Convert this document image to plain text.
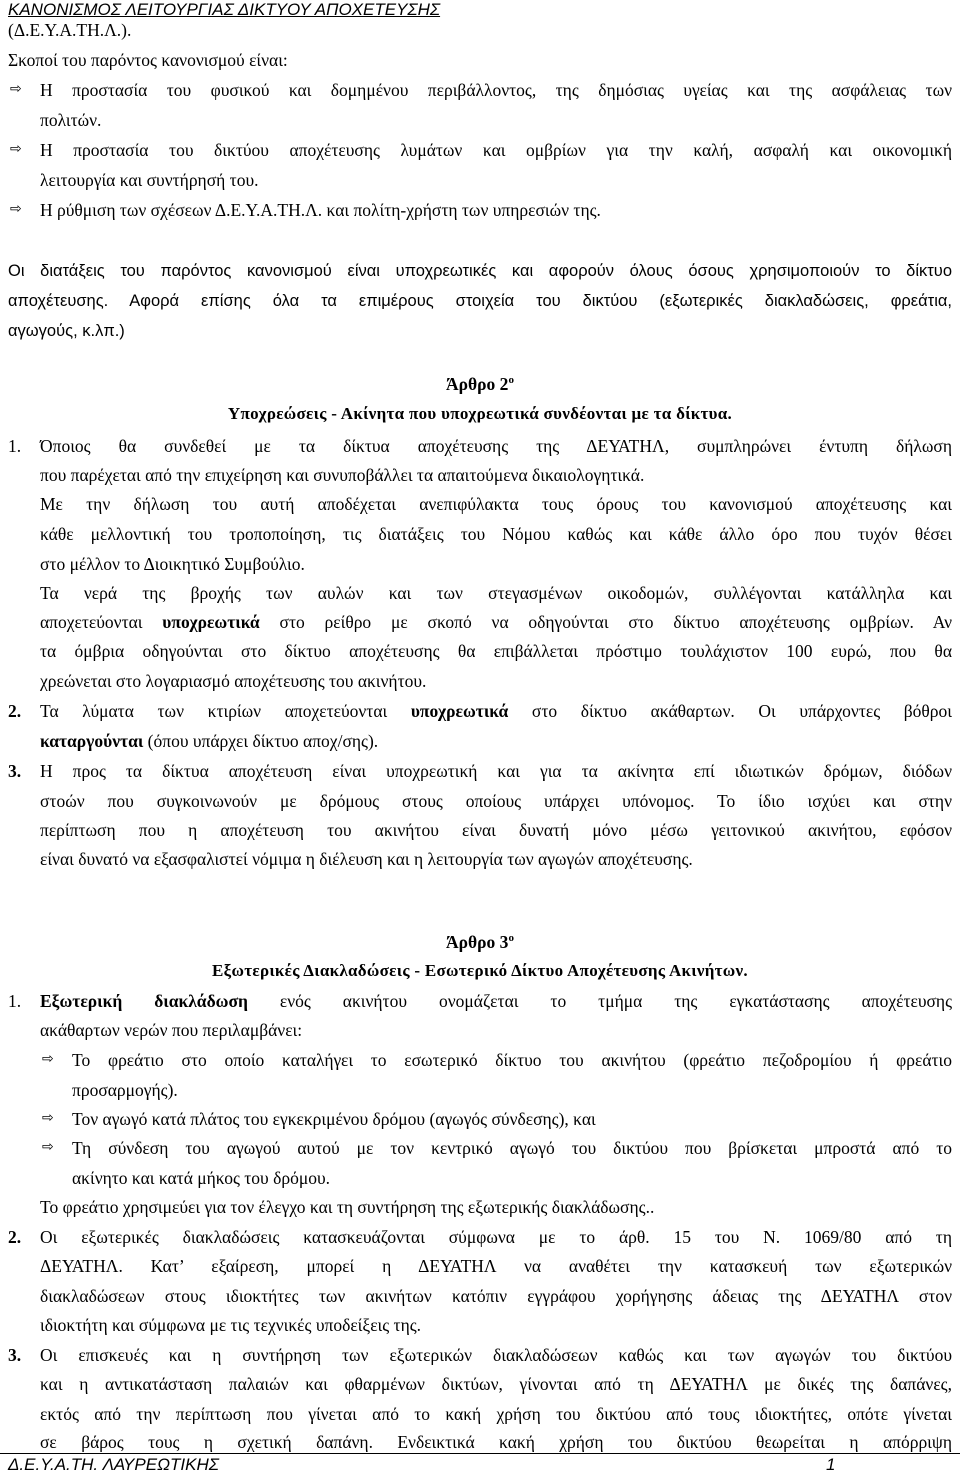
ΚΑΝΟΝΙΣΜΟΣ ΛΕΙΤΟΥΡΓΙΑΣ ΔΙΚΤΥΟΥ ΑΠΟΧΕΤΕΥΣΗΣ
(Δ.Ε.Υ.Α.ΤΗ.Λ.).
Σκοποί του παρόντος κανονισμού είναι:
⇨ Η προστασία του φυσικού και δομημένου περιβάλλοντος, της δημόσιας υγείας και της ασφάλειας των
πολιτών.
⇨ Η προστασία του δικτύου αποχέτευσης λυμάτων και ομβρίων για την καλή, ασφαλή και οικονομική
λειτουργία και συντήρησή του.
⇨ Η ρύθμιση των σχέσεων Δ.Ε.Υ.Α.ΤΗ.Λ. και πολίτη-χρήστη των υπηρεσιών της.
Οι διατάξεις του παρόντος κανονισμού είναι υποχρεωτικές και αφορούν όλους όσους χρησιμοποιούν το δίκτυο
αποχέτευσης. Αφορά επίσης όλα τα επιμέρους στοιχεία του δικτύου (εξωτερικές διακλαδώσεις, φρεάτια,
αγωγούς, κ.λπ.)
Άρθρο $2^o$
Υποχρεώσεις - Ακίνητα που υποχρεωτικά συνδέονται με τα δίκτυα.
1. Όποιος θα συνδεθεί με τα δίκτυα αποχέτευσης της ΔΕΥΑΤΗΛ, συμπληρώνει έντυπη δήλωση
που παρέχεται από την επιχείρηση και συνυποβάλλει τα απαιτούμενα δικαιολογητικά.
Με την δήλωση του αυτή αποδέχεται ανεπιφύλακτα τους όρους του κανονισμού αποχέτευσης και
κάθε μελλοντική του τροποποίηση, τις διατάξεις του Νόμου καθώς και κάθε άλλο όρο που τυχόν θέσει
στο μέλλον το Διοικητικό Συμβούλιο.
Τα νερά της βροχής των αυλών και των στεγασμένων οικοδομών, συλλέγονται κατάλληλα και
αποχετεύονται υποχρεωτικά στο ρείθρο με σκοπό να οδηγούνται στο δίκτυο αποχέτευσης ομβρίων. Αν
τα όμβρια οδηγούνται στο δίκτυο αποχέτευσης θα επιβάλλεται πρόστιμο τουλάχιστον 100 ευρώ, που θα
χρεώνεται στο λογαριασμό αποχέτευσης του ακινήτου.
2. Τα λύματα των κτιρίων αποχετεύονται υποχρεωτικά στο δίκτυο ακάθαρτων. Οι υπάρχοντες βόθροι
καταργούνται (όπου υπάρχει δίκτυο αποχ/σης).
3. Η προς τα δίκτυα αποχέτευση είναι υποχρεωτική και για τα ακίνητα επί ιδιωτικών δρόμων, διόδων
στοών που συγκοινωνούν με δρόμους στους οποίους υπάρχει υπόνομος. Το ίδιο ισχύει και στην
περίπτωση που η αποχέτευση του ακινήτου είναι δυνατή μόνο μέσω γειτονικού ακινήτου, εφόσον
είναι δυνατό να εξασφαλιστεί νόμιμα η διέλευση και η λειτουργία των αγωγών αποχέτευσης.
Άρθρο $3^o$
Εξωτερικές Διακλαδώσεις - Εσωτερικό Δίκτυο Αποχέτευσης Ακινήτων.
1. Εξωτερική διακλάδωση ενός ακινήτου ονομάζεται το τμήμα της εγκατάστασης αποχέτευσης
ακάθαρτων νερών που περιλαμβάνει:
⇨ Το φρεάτιο στο οποίο καταλήγει το εσωτερικό δίκτυο του ακινήτου (φρεάτιο πεζοδρομίου ή φρεάτιο
προσαρμογής).
⇨ Τον αγωγό κατά πλάτος του εγκεκριμένου δρόμου (αγωγός σύνδεσης), και
⇨ Τη σύνδεση του αγωγού αυτού με τον κεντρικό αγωγό του δικτύου που βρίσκεται μπροστά από το
ακίνητο και κατά μήκος του δρόμου.
Το φρεάτιο χρησιμεύει για τον έλεγχο και τη συντήρηση της εξωτερικής διακλάδωσης..
2. Οι εξωτερικές διακλαδώσεις κατασκευάζονται σύμφωνα με το άρθ. 15 του Ν. 1069/80 από τη
ΔΕΥΑΤΗΛ. Κατ’ εξαίρεση, μπορεί η ΔΕΥΑΤΗΛ να αναθέτει την κατασκευή των εξωτερικών
διακλαδώσεων στους ιδιοκτήτες των ακινήτων κατόπιν εγγράφου χορήγησης άδειας της ΔΕΥΑΤΗΛ στον
ιδιοκτήτη και σύμφωνα με τις τεχνικές υποδείξεις της.
3. Οι επισκευές και η συντήρηση των εξωτερικών διακλαδώσεων καθώς και των αγωγών του δικτύου
και η αντικατάσταση παλαιών και φθαρμένων δικτύων, γίνονται από τη ΔΕΥΑΤΗΛ με δικές της δαπάνες,
εκτός από την περίπτωση που γίνεται από το κακή χρήση του δικτύου από τους ιδιοκτήτες, οπότε γίνεται
σε βάρος τους η σχετική δαπάνη. Ενδεικτικά κακή χρήση του δικτύου θεωρείται η απόρριψη
Δ.Ε.Υ.Α.ΤΗ. ΛΑΥΡΕΩΤΙΚΗΣ	1
